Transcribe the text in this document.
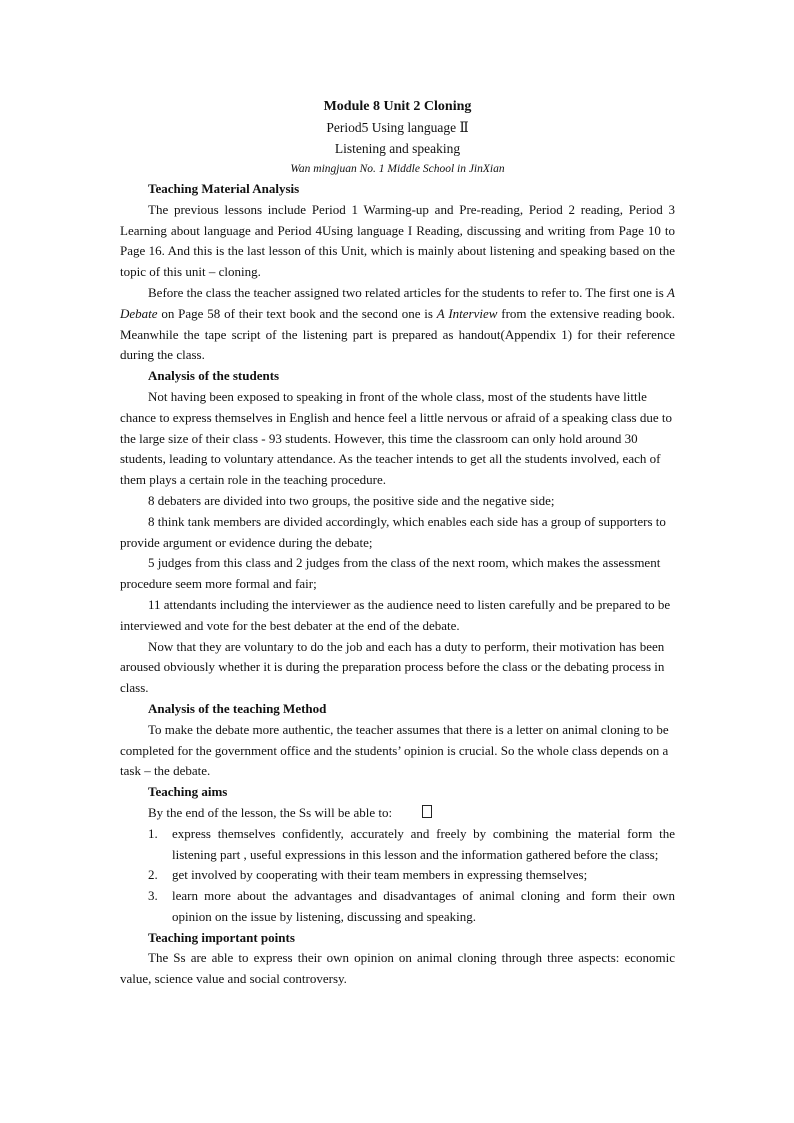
Module 8 Unit 2 Cloning
Period5 Using language Ⅱ
Listening and speaking
Wan mingjuan No. 1 Middle School in JinXian

Teaching Material Analysis

The previous lessons include Period 1 Warming-up and Pre-reading, Period 2 reading, Period 3 Learning about language and Period 4Using language I Reading, discussing and writing from Page 10 to Page 16. And this is the last lesson of this Unit, which is mainly about listening and speaking based on the topic of this unit – cloning.

Before the class the teacher assigned two related articles for the students to refer to. The first one is A Debate on Page 58 of their text book and the second one is A Interview from the extensive reading book. Meanwhile the tape script of the listening part is prepared as handout(Appendix 1) for their reference during the class.

Analysis of the students

Not having been exposed to speaking in front of the whole class, most of the students have little chance to express themselves in English and hence feel a little nervous or afraid of a speaking class due to the large size of their class - 93 students. However, this time the classroom can only hold around 30 students, leading to voluntary attendance. As the teacher intends to get all the students involved, each of them plays a certain role in the teaching procedure.

8 debaters are divided into two groups, the positive side and the negative side;

8 think tank members are divided accordingly, which enables each side has a group of supporters to provide argument or evidence during the debate;

5 judges from this class and 2 judges from the class of the next room, which makes the assessment procedure seem more formal and fair;

11 attendants including the interviewer as the audience need to listen carefully and be prepared to be interviewed and vote for the best debater at the end of the debate.

Now that they are voluntary to do the job and each has a duty to perform, their motivation has been aroused obviously whether it is during the preparation process before the class or the debating process in class.

Analysis of the teaching Method

To make the debate more authentic, the teacher assumes that there is a letter on animal cloning to be completed for the government office and the students’ opinion is crucial. So the whole class depends on a task – the debate.

Teaching aims

By the end of the lesson, the Ss will be able to:

1. express themselves confidently, accurately and freely by combining the material form the listening part , useful expressions in this lesson and the information gathered before the class;
2. get involved by cooperating with their team members in expressing themselves;
3. learn more about the advantages and disadvantages of animal cloning and form their own opinion on the issue by listening, discussing and speaking.

Teaching important points

The Ss are able to express their own opinion on animal cloning through three aspects: economic value, science value and social controversy.
